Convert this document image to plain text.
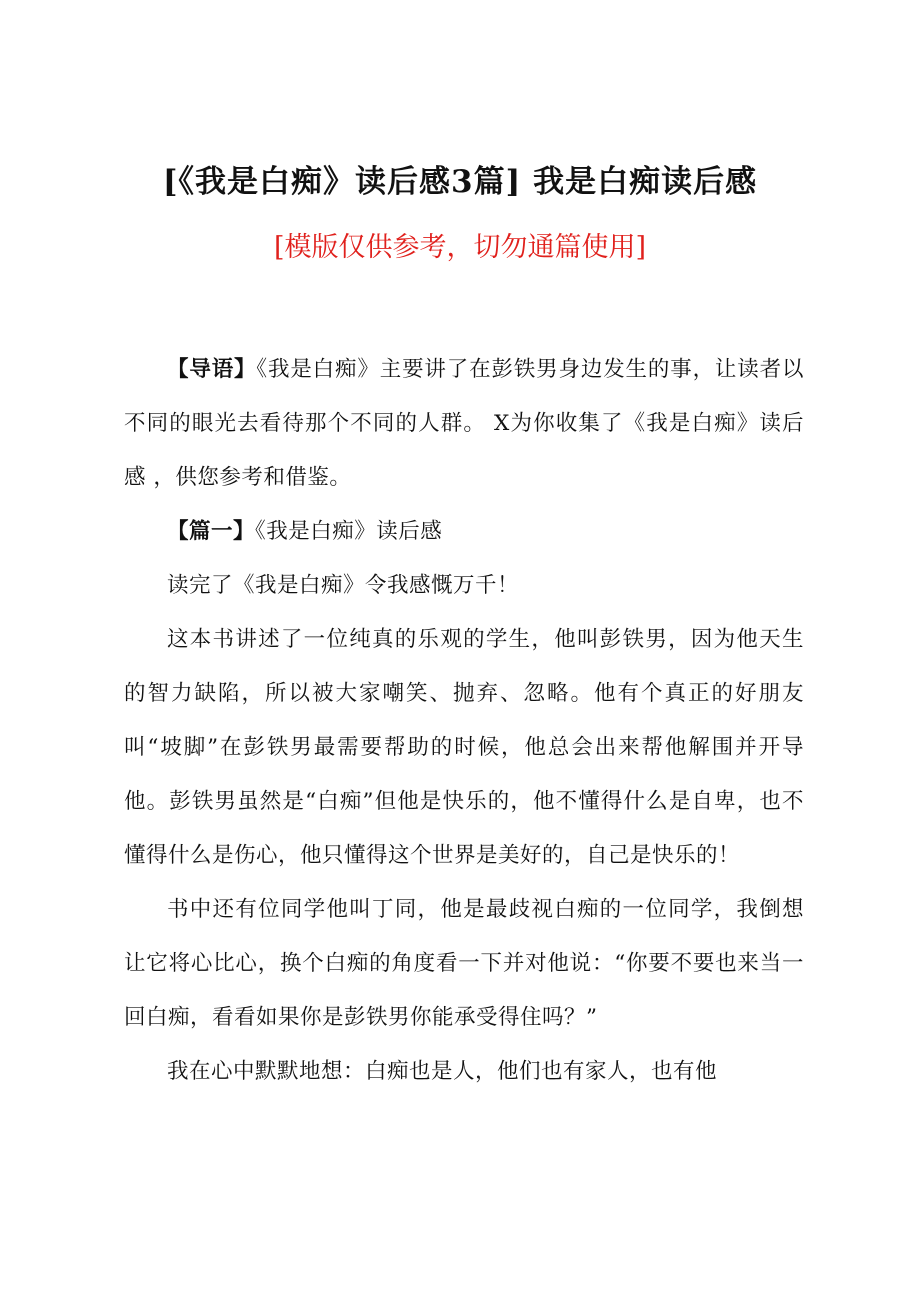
[《我是白痴》读后感3篇] 我是白痴读后感
[模版仅供参考，切勿通篇使用]

【导语】《我是白痴》主要讲了在彭铁男身边发生的事，让读者以不同的眼光去看待那个不同的人群。 X为你收集了《我是白痴》读后感 ，供您参考和借鉴。

【篇一】《我是白痴》读后感

读完了《我是白痴》令我感慨万千！

这本书讲述了一位纯真的乐观的学生，他叫彭铁男，因为他天生的智力缺陷，所以被大家嘲笑、抛弃、忽略。他有个真正的好朋友叫“坡脚”在彭铁男最需要帮助的时候，他总会出来帮他解围并开导他。彭铁男虽然是“白痴”但他是快乐的，他不懂得什么是自卑，也不懂得什么是伤心，他只懂得这个世界是美好的，自己是快乐的！

书中还有位同学他叫丁同，他是最歧视白痴的一位同学，我倒想让它将心比心，换个白痴的角度看一下并对他说：“你要不要也来当一回白痴，看看如果你是彭铁男你能承受得住吗？”

我在心中默默地想：白痴也是人，他们也有家人，也有他
